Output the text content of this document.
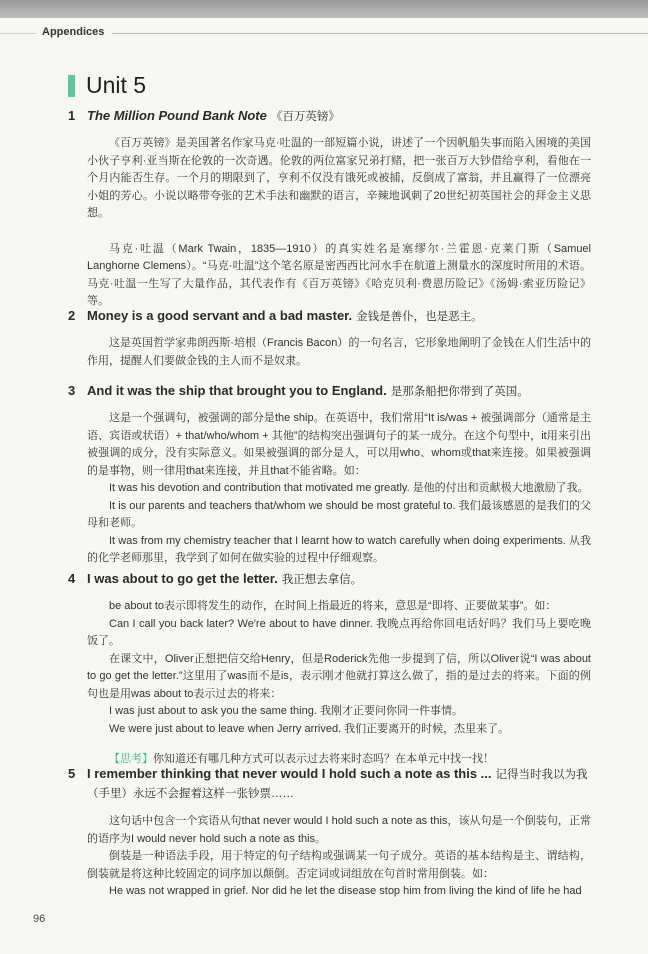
Appendices
Unit 5
1 The Million Pound Bank Note 《百万英镑》

《百万英镑》是美国著名作家马克·吐温的一部短篇小说，讲述了一个因帆船失事而陷入困境的美国小伙子亨利·亚当斯在伦敦的一次奇遇。伦敦的两位富家兄弟打赌，把一张百万大钞借给亨利，看他在一个月内能否生存。一个月的期限到了，亨利不仅没有饿死或被捕，反倒成了富翁，并且赢得了一位漂亮小姐的芳心。小说以略带夸张的艺术手法和幽默的语言，辛辣地讽刺了20世纪初英国社会的拜金主义思想。

马克·吐温（Mark Twain，1835—1910）的真实姓名是塞缪尔·兰霍恩·克莱门斯（Samuel Langhorne Clemens）。“马克·吐温”这个笔名原是密西西比河水手在航道上测量水的深度时所用的术语。马克·吐温一生写了大量作品，其代表作有《百万英镑》《哈克贝利·费恩历险记》《汤姆·索亚历险记》等。

2 Money is a good servant and a bad master. 金钱是善仆，也是恶主。

这是英国哲学家弗朗西斯·培根（Francis Bacon）的一句名言，它形象地阐明了金钱在人们生活中的作用，提醒人们要做金钱的主人而不是奴隶。

3 And it was the ship that brought you to England. 是那条船把你带到了英国。

这是一个强调句，被强调的部分是the ship。在英语中，我们常用“It is/was + 被强调部分（通常是主语、宾语或状语）+ that/who/whom + 其他”的结构突出强调句子的某一成分。在这个句型中，it用来引出被强调的成分，没有实际意义。如果被强调的部分是人，可以用who、whom或that来连接。如果被强调的是事物，则一律用that来连接，并且that不能省略。如：

It was his devotion and contribution that motivated me greatly. 是他的付出和贡献极大地激励了我。

It is our parents and teachers that/whom we should be most grateful to. 我们最该感恩的是我们的父母和老师。

It was from my chemistry teacher that I learnt how to watch carefully when doing experiments. 从我的化学老师那里，我学到了如何在做实验的过程中仔细观察。

4 I was about to go get the letter. 我正想去拿信。

be about to表示即将发生的动作，在时间上指最近的将来，意思是“即将、正要做某事”。如：

Can I call you back later? We're about to have dinner. 我晚点再给你回电话好吗？我们马上要吃晚饭了。

在课文中，Oliver正想把信交给Henry，但是Roderick先他一步提到了信，所以Oliver说“I was about to go get the letter.”这里用了was而不是is，表示刚才他就打算这么做了，指的是过去的将来。下面的例句也是用was about to表示过去的将来：

I was just about to ask you the same thing. 我刚才正要问你同一件事情。

We were just about to leave when Jerry arrived. 我们正要离开的时候，杰里来了。

【思考】你知道还有哪几种方式可以表示过去将来时态吗？在本单元中找一找！

5 I remember thinking that never would I hold such a note as this ... 记得当时我以为我（手里）永远不会握着这样一张钞票……

这句话中包含一个宾语从句that never would I hold such a note as this，该从句是一个倒装句，正常的语序为I would never hold such a note as this。

倒装是一种语法手段，用于特定的句子结构或强调某一句子成分。英语的基本结构是主、谓结构，倒装就是将这种比较固定的词序加以颠倒。否定词或词组放在句首时常用倒装。如：

He was not wrapped in grief. Nor did he let the disease stop him from living the kind of life he had

96
